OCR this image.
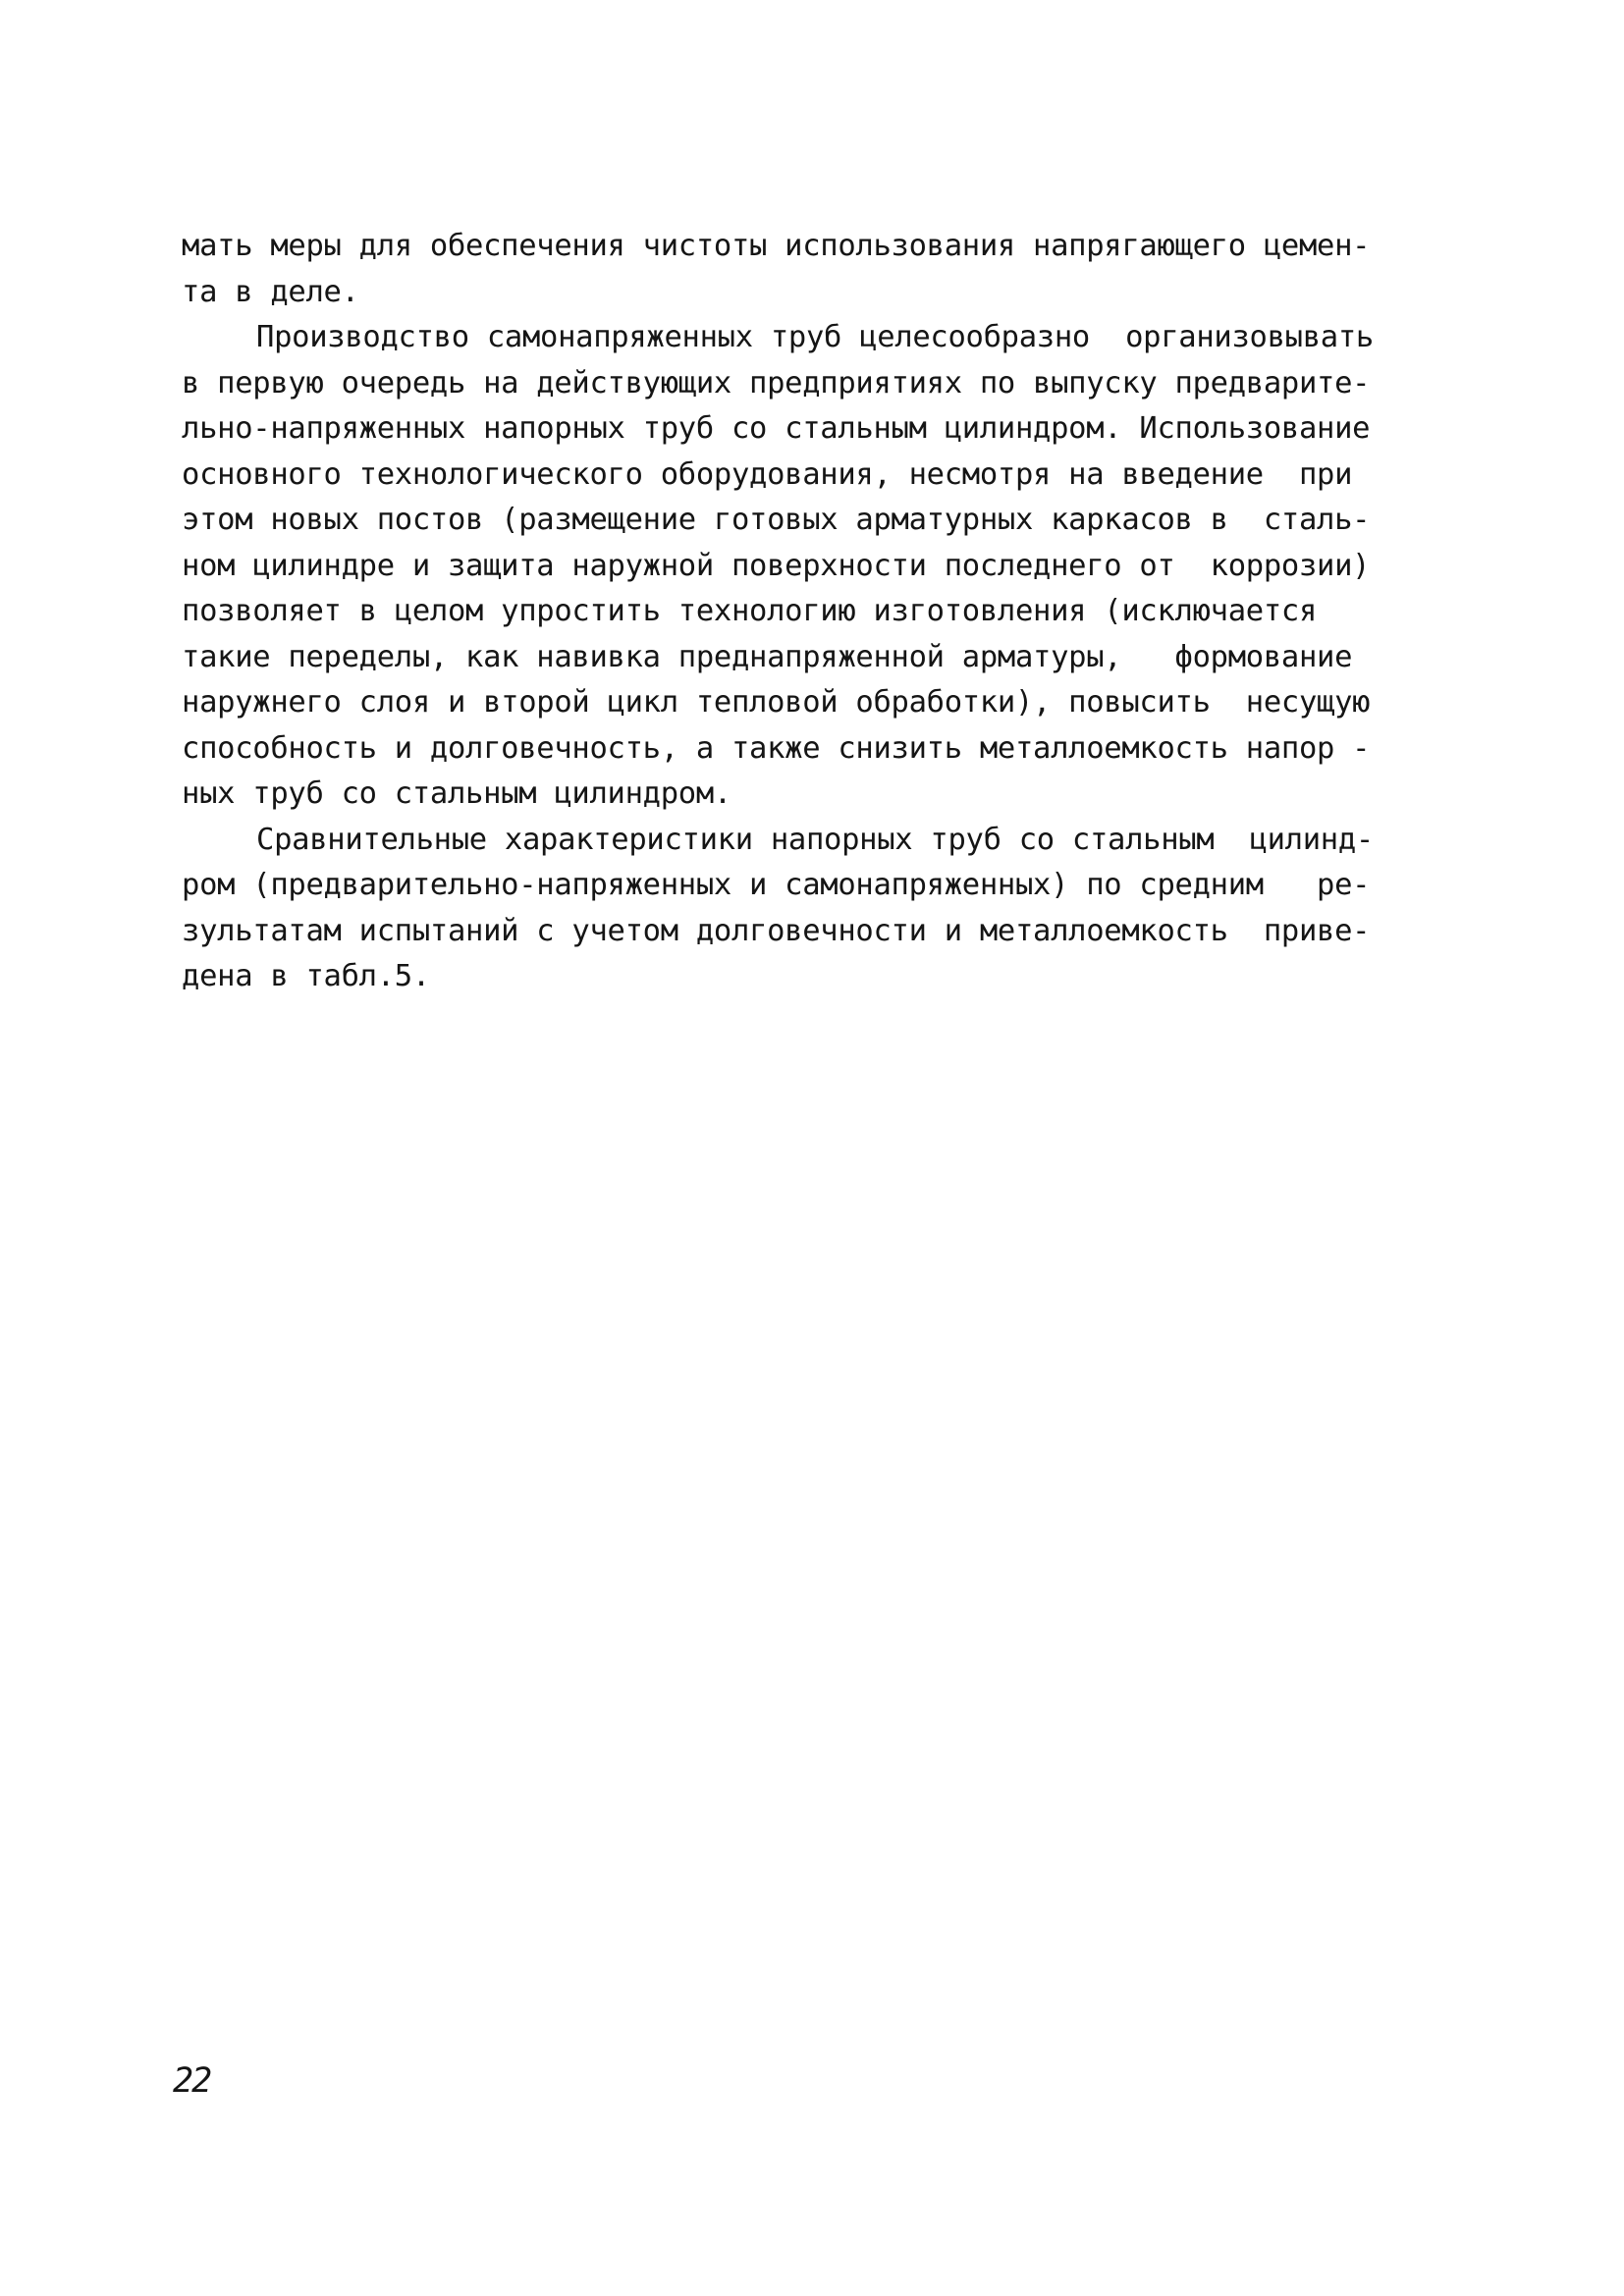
мать меры для обеспечения чистоты использования напрягающего цемен-
та в деле.
Производство самонапряженных труб целесообразно  организовывать
в первую очередь на действующих предприятиях по выпуску предварите-
льно-напряженных напорных труб со стальным цилиндром. Использование
основного технологического оборудования, несмотря на введение  при
этом новых постов (размещение готовых арматурных каркасов в  сталь-
ном цилиндре и защита наружной поверхности последнего от  коррозии)
позволяет в целом упростить технологию изготовления (исключается
такие переделы, как навивка преднапряженной арматуры,   формование
наружнего слоя и второй цикл тепловой обработки), повысить  несущую
способность и долговечность, а также снизить металлоемкость напор -
ных труб со стальным цилиндром.
Сравнительные характеристики напорных труб со стальным  цилинд-
ром (предварительно-напряженных и самонапряженных) по средним   ре-
зультатам испытаний с учетом долговечности и металлоемкость  приве-
дена в табл.5.
22
